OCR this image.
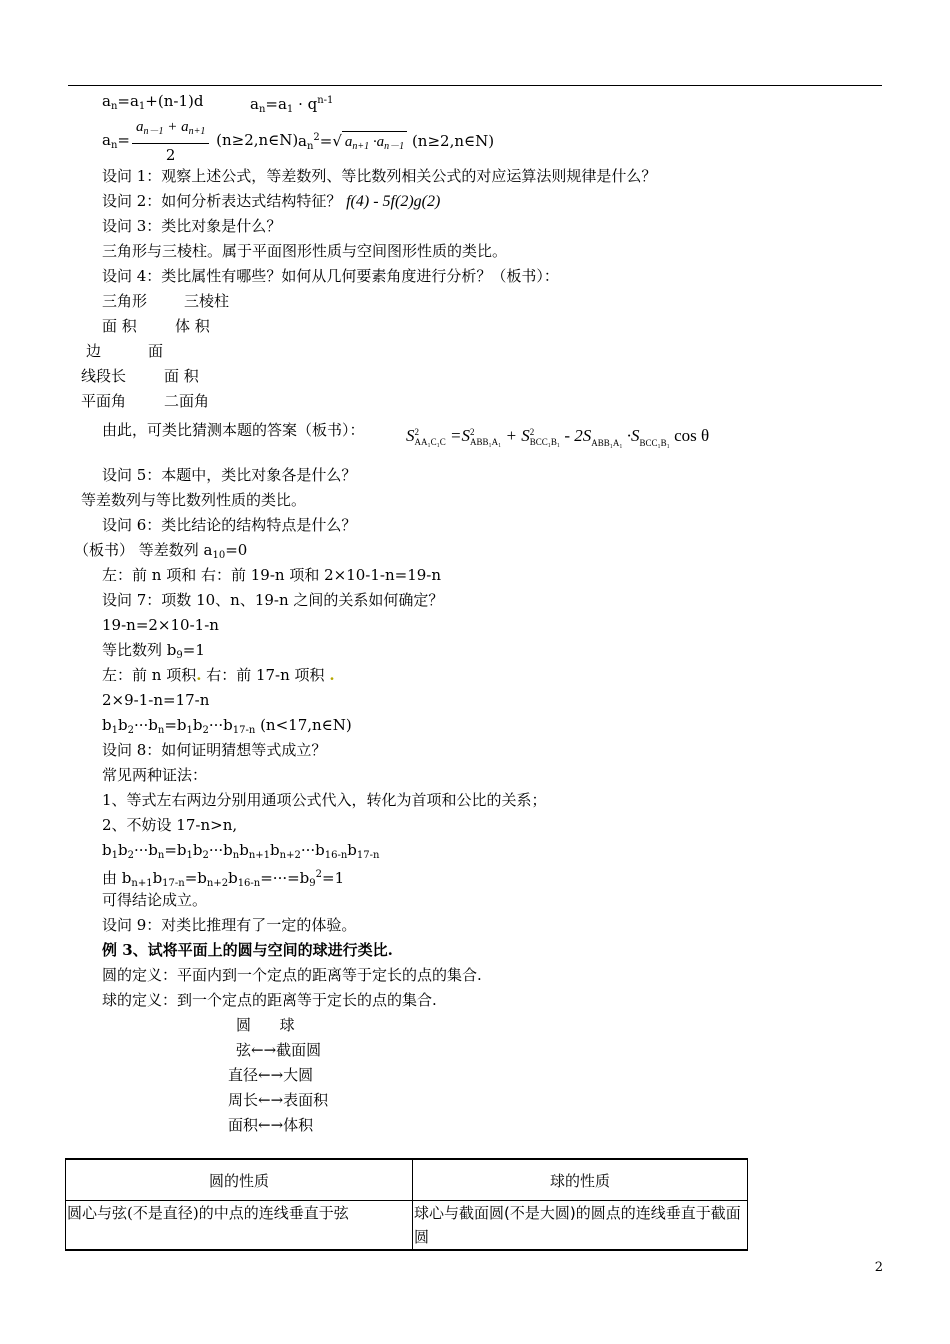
$a_n=a_1+(n-1)d$	$a_n=a_1 \cdot q^{n-1}$
$a_n= \frac{a_{n-1} + a_{n+1}}{2}$ (n≥2,n∈N) $a_n^2=√$ $a_{n+1} \cdot a_{n-1}$ (n≥2,n∈N)
设问 1：观察上述公式，等差数列、等比数列相关公式的对应运算法则规律是什么？
设问 2：如何分析表达式结构特征？ f(4) - 5f(2)g(2)
设问 3：类比对象是什么？
三角形与三棱柱。属于平面图形性质与空间图形性质的类比。
设问 4：类比属性有哪些？如何从几何要素角度进行分析？（板书）：
三角形 三棱柱
面 积	体 积
边	面
线段长	面 积
平面角	二面角
由此，可类比猜测本题的答案（板书）： S 2
AA₁C₁C =S 2
ABB₁A₁ + S 2
$BCC_1B_1 - 2S_{ABB_1A_1} \cdot S_{BCC_1B_1}$ cos θ
设问 5：本题中，类比对象各是什么？
等差数列与等比数列性质的类比。
设问 6：类比结论的结构特点是什么？
（板书） 等差数列 $a_{10}=0$
左：前 n 项和 右：前 19-n 项和 2×10-1-n=19-n
设问 7：项数 10、n、19-n 之间的关系如何确定？
19-n=2×10-1-n
等比数列 $b_9=1$
左：前 n 项积. 右：前 17-n 项积 .
2×9-1-n=17-n
$b_1b_2\cdot\cdot\cdot b_n=b_1b_2\cdot\cdot\cdot b_{17-n}$ (n<17,n∈N)
设问 8：如何证明猜想等式成立？
常见两种证法：
1、等式左右两边分别用通项公式代入，转化为首项和公比的关系；
2、不妨设 17-n>n,
$b_1b_2\cdot\cdot\cdot b_n=b_1b_2\cdot\cdot\cdot b_nb_{n+1}b_{n+2}\cdot\cdot\cdot b_{16-n}b_{17-n}$
由 $b_{n+1}b_{17-n}=b_{n+2}b_{16-n}=\cdot\cdot\cdot=b_9^2=1$
可得结论成立。
设问 9：对类比推理有了一定的体验。
例 3、试将平面上的圆与空间的球进行类比.
圆的定义：平面内到一个定点的距离等于定长的点的集合.
球的定义：到一个定点的距离等于定长的点的集合.
圆      球
弦←→截面圆
直径←→大圆
周长←→表面积
面积←→体积
圆的性质	球的性质
圆心与弦(不是直径)的中点的连线垂直于弦	球心与截面圆(不是大圆)的圆点的连线垂直于截面圆
2
